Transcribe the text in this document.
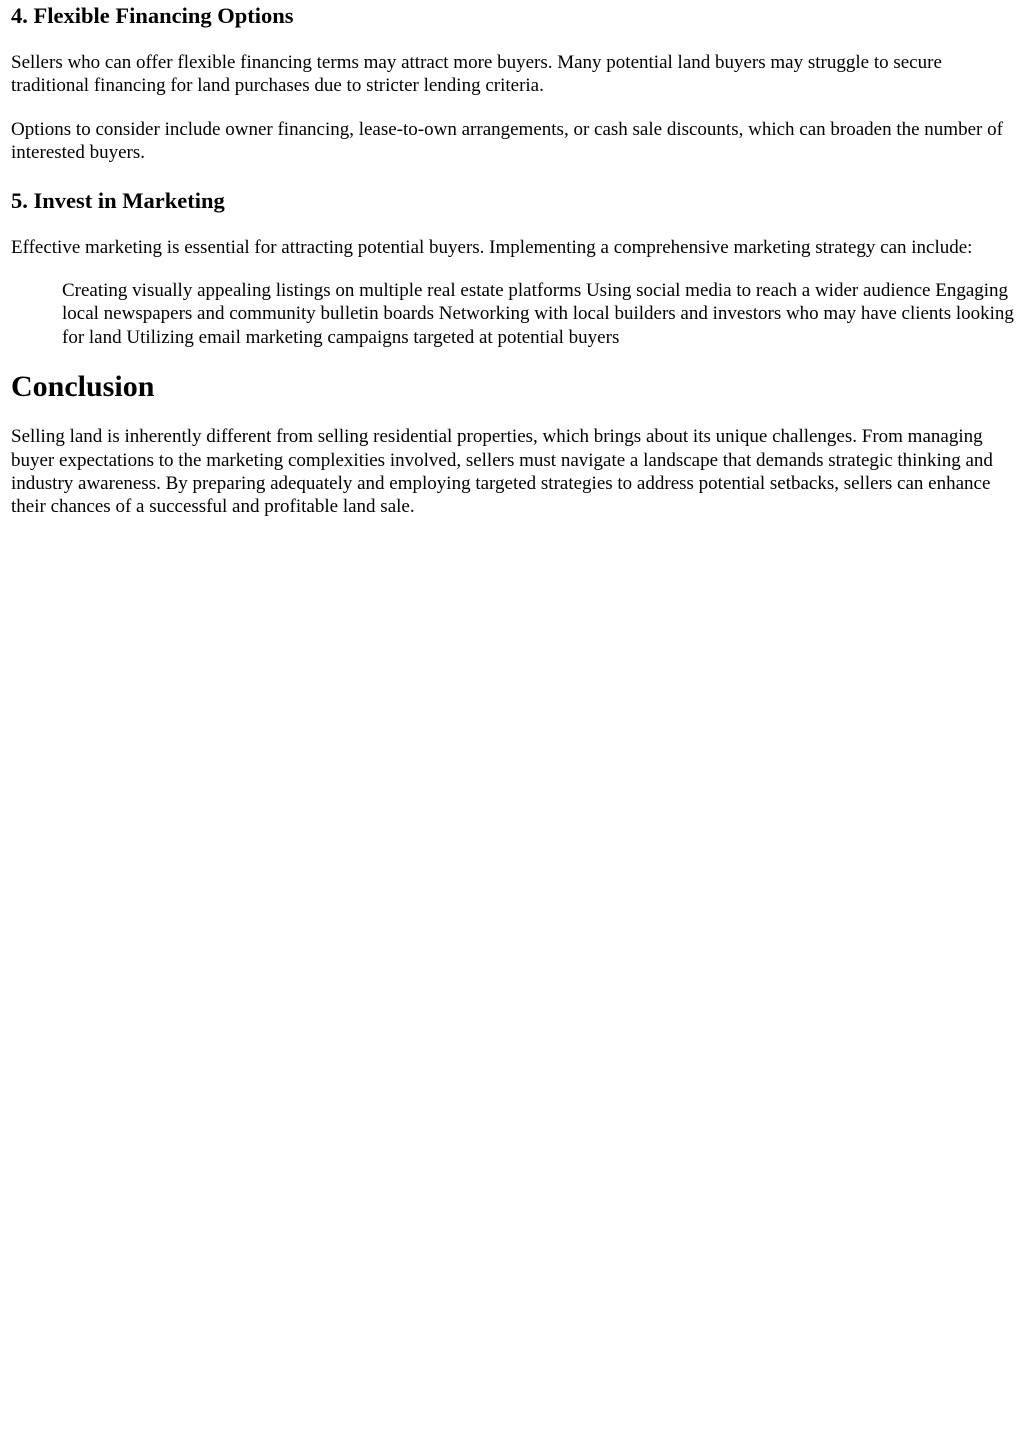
4. Flexible Financing Options

Sellers who can offer flexible financing terms may attract more buyers. Many potential land buyers may struggle to secure traditional financing for land purchases due to stricter lending criteria.

Options to consider include owner financing, lease-to-own arrangements, or cash sale discounts, which can broaden the number of interested buyers.

5. Invest in Marketing

Effective marketing is essential for attracting potential buyers. Implementing a comprehensive marketing strategy can include:

Creating visually appealing listings on multiple real estate platforms Using social media to reach a wider audience Engaging local newspapers and community bulletin boards Networking with local builders and investors who may have clients looking for land Utilizing email marketing campaigns targeted at potential buyers
Conclusion

Selling land is inherently different from selling residential properties, which brings about its unique challenges. From managing buyer expectations to the marketing complexities involved, sellers must navigate a landscape that demands strategic thinking and industry awareness. By preparing adequately and employing targeted strategies to address potential setbacks, sellers can enhance their chances of a successful and profitable land sale.
